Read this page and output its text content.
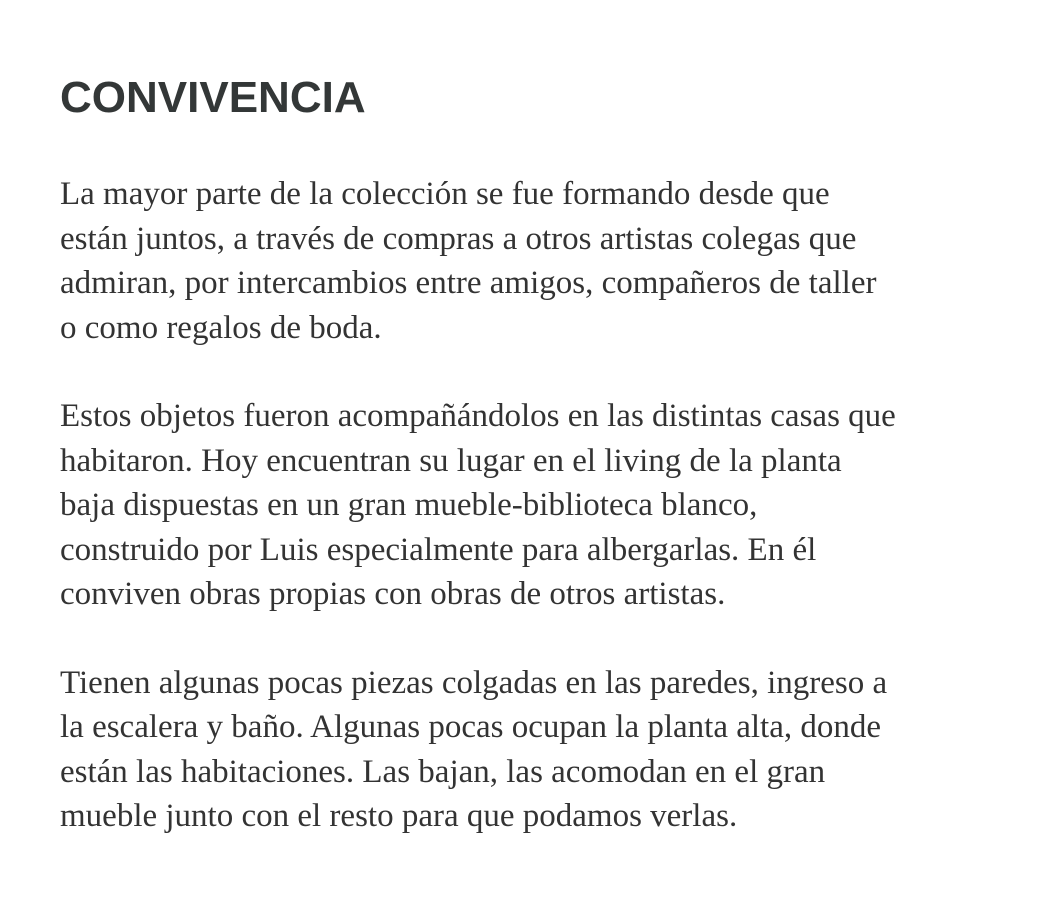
CONVIVENCIA

La mayor parte de la colección se fue formando desde que
están juntos, a través de compras a otros artistas colegas que
admiran, por intercambios entre amigos, compañeros de taller
o como regalos de boda.

Estos objetos fueron acompañándolos en las distintas casas que
habitaron. Hoy encuentran su lugar en el living de la planta
baja dispuestas en un gran mueble-biblioteca blanco,
construido por Luis especialmente para albergarlas. En él
conviven obras propias con obras de otros artistas.

Tienen algunas pocas piezas colgadas en las paredes, ingreso a
la escalera y baño. Algunas pocas ocupan la planta alta, donde
están las habitaciones. Las bajan, las acomodan en el gran
mueble junto con el resto para que podamos verlas.
